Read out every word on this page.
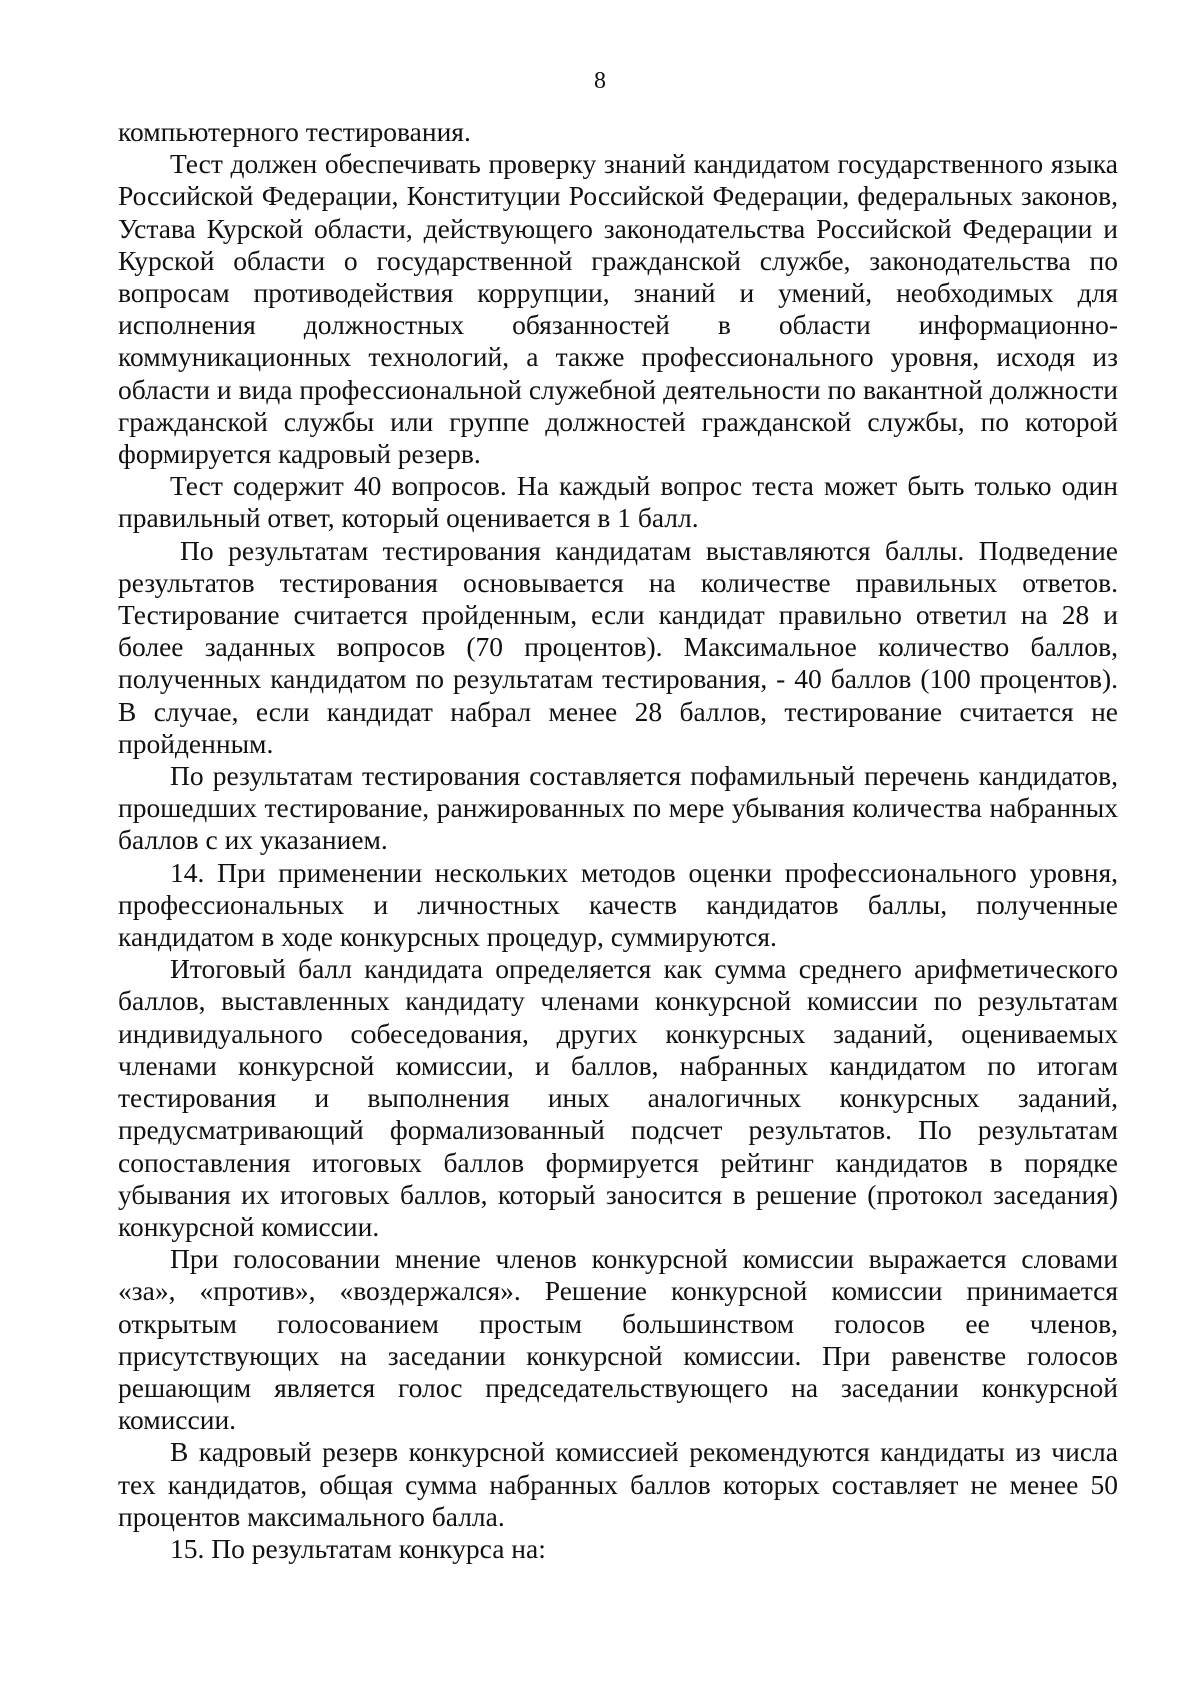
8

компьютерного тестирования.

Тест должен обеспечивать проверку знаний кандидатом государственного языка Российской Федерации, Конституции Российской Федерации, федеральных законов, Устава Курской области, действующего законодательства Российской Федерации и Курской области о государственной гражданской службе, законодательства по вопросам противодействия коррупции, знаний и умений, необходимых для исполнения должностных обязанностей в области информационно-коммуникационных технологий, а также профессионального уровня, исходя из области и вида профессиональной служебной деятельности по вакантной должности гражданской службы или группе должностей гражданской службы, по которой формируется кадровый резерв.

Тест содержит 40 вопросов. На каждый вопрос теста может быть только один правильный ответ, который оценивается в 1 балл.

По результатам тестирования кандидатам выставляются баллы. Подведение результатов тестирования основывается на количестве правильных ответов. Тестирование считается пройденным, если кандидат правильно ответил на 28 и более заданных вопросов (70 процентов). Максимальное количество баллов, полученных кандидатом по результатам тестирования, - 40 баллов (100 процентов). В случае, если кандидат набрал менее 28 баллов, тестирование считается не пройденным.

По результатам тестирования составляется пофамильный перечень кандидатов, прошедших тестирование, ранжированных по мере убывания количества набранных баллов с их указанием.

14. При применении нескольких методов оценки профессионального уровня, профессиональных и личностных качеств кандидатов баллы, полученные кандидатом в ходе конкурсных процедур, суммируются.

Итоговый балл кандидата определяется как сумма среднего арифметического баллов, выставленных кандидату членами конкурсной комиссии по результатам индивидуального собеседования, других конкурсных заданий, оцениваемых членами конкурсной комиссии, и баллов, набранных кандидатом по итогам тестирования и выполнения иных аналогичных конкурсных заданий, предусматривающий формализованный подсчет результатов. По результатам сопоставления итоговых баллов формируется рейтинг кандидатов в порядке убывания их итоговых баллов, который заносится в решение (протокол заседания) конкурсной комиссии.

При голосовании мнение членов конкурсной комиссии выражается словами «за», «против», «воздержался». Решение конкурсной комиссии принимается открытым голосованием простым большинством голосов ее членов, присутствующих на заседании конкурсной комиссии. При равенстве голосов решающим является голос председательствующего на заседании конкурсной комиссии.

В кадровый резерв конкурсной комиссией рекомендуются кандидаты из числа тех кандидатов, общая сумма набранных баллов которых составляет не менее 50 процентов максимального балла.

15. По результатам конкурса на:
